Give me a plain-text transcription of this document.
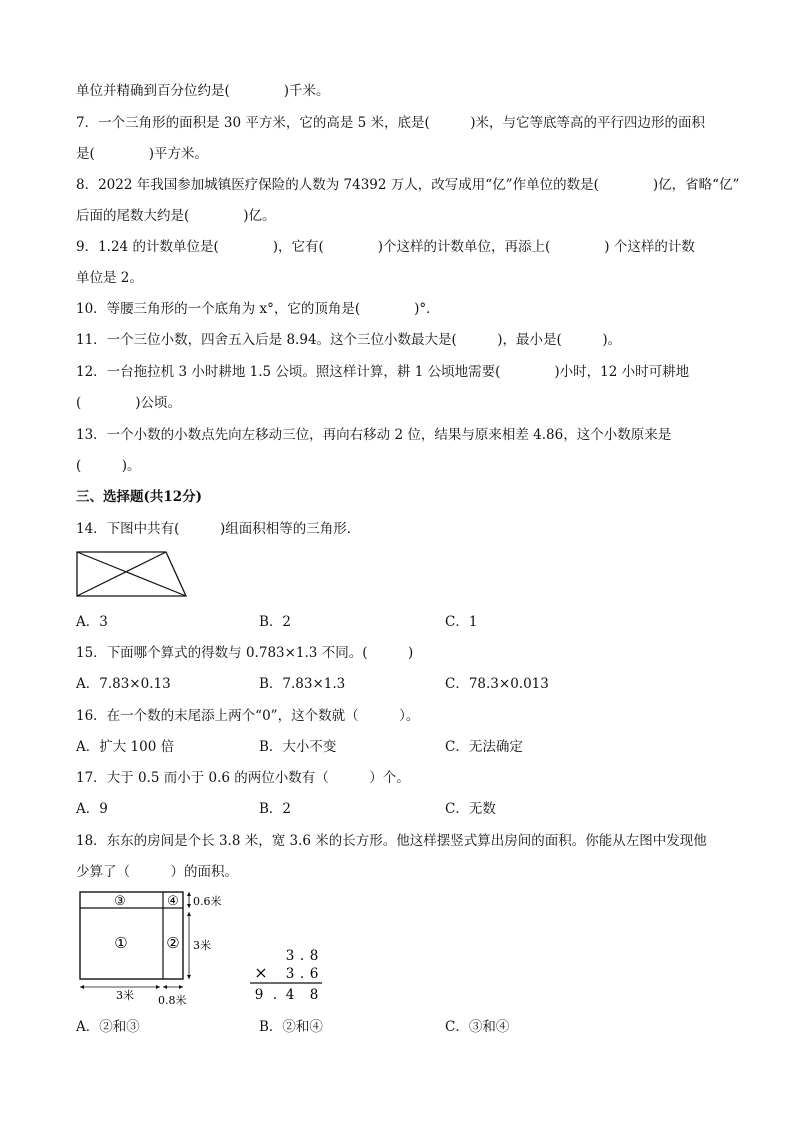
单位并精确到百分位约是(　　　　)千米。
7．一个三角形的面积是 30 平方米，它的高是 5 米，底是(　　　)米，与它等底等高的平行四边形的面积
是(　　　　)平方米。
8．2022 年我国参加城镇医疗保险的人数为 74392 万人，改写成用“亿”作单位的数是(　　　　)亿，省略“亿”
后面的尾数大约是(　　　　)亿。
9．1.24 的计数单位是(　　　　)，它有(　　　　)个这样的计数单位，再添上(　　　　) 个这样的计数
单位是 2。
10．等腰三角形的一个底角为 x°，它的顶角是(　　　　)°．
11．一个三位小数，四舍五入后是 8.94。这个三位小数最大是(　　　)，最小是(　　　)。
12．一台拖拉机 3 小时耕地 1.5 公顷。照这样计算，耕 1 公顷地需要(　　　　)小时，12 小时可耕地
(　　　　)公顷。
13．一个小数的小数点先向左移动三位，再向右移动 2 位，结果与原来相差 4.86，这个小数原来是
(　　　)。
三、选择题(共12分)
14．下图中共有(　　　)组面积相等的三角形．
A．3	B．2	C．1
15．下面哪个算式的得数与 0.783×1.3 不同。(　　　)
A．7.83×0.13	B．7.83×1.3	C．78.3×0.013
16．在一个数的末尾添上两个“0”，这个数就（　　　）。
A．扩大 100 倍	B．大小不变	C．无法确定
17．大于 0.5 而小于 0.6 的两位小数有（　　　）个。
A．9	B．2	C．无数
18．东东的房间是个长 3.8 米，宽 3.6 米的长方形。他这样摆竖式算出房间的面积。你能从左图中发现他
少算了（　　　）的面积。
③	④
①	②
0.6米
3米
3米 0.8米
3 . 8
× 3 . 6
9 . 4 8
A．②和③	B．②和④	C．③和④
